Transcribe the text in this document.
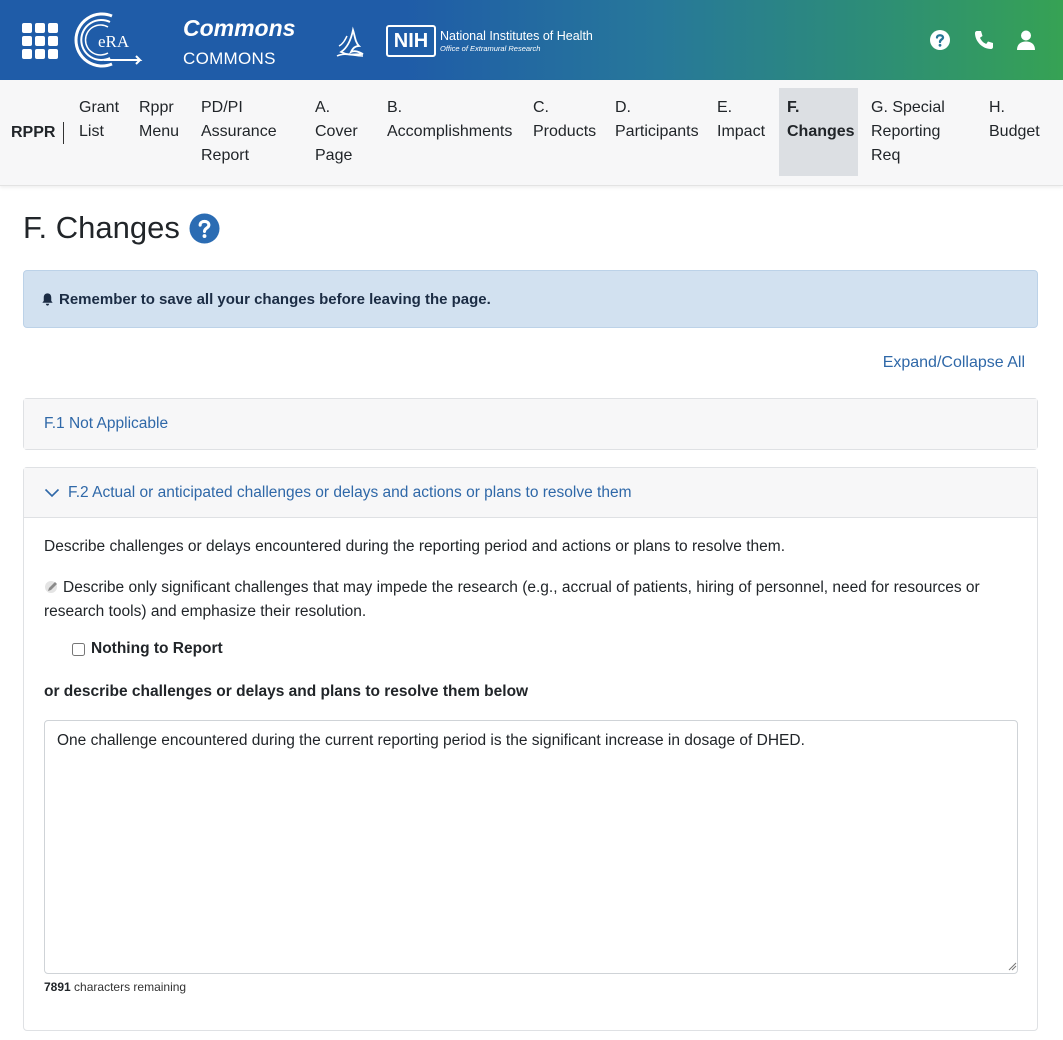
eRA
Commons
COMMONS
NIH National Institutes of Health
Office of Extramural Research
RPPR
Grant
List
Rppr
Menu
PD/PI
Assurance
Report
A.
Cover
Page
B.
Accomplishments
C.
Products
D.
Participants
E.
Impact
F.
Changes
G. Special
Reporting
Req
H.
Budget
F. Changes
Remember to save all your changes before leaving the page.
Expand/Collapse All
F.1 Not Applicable
F.2 Actual or anticipated challenges or delays and actions or plans to resolve them
Describe challenges or delays encountered during the reporting period and actions or plans to resolve them.
Describe only significant challenges that may impede the research (e.g., accrual of patients, hiring of personnel, need for resources or research tools) and emphasize their resolution.
Nothing to Report
or describe challenges or delays and plans to resolve them below
One challenge encountered during the current reporting period is the significant increase in dosage of DHED.
7891 characters remaining
